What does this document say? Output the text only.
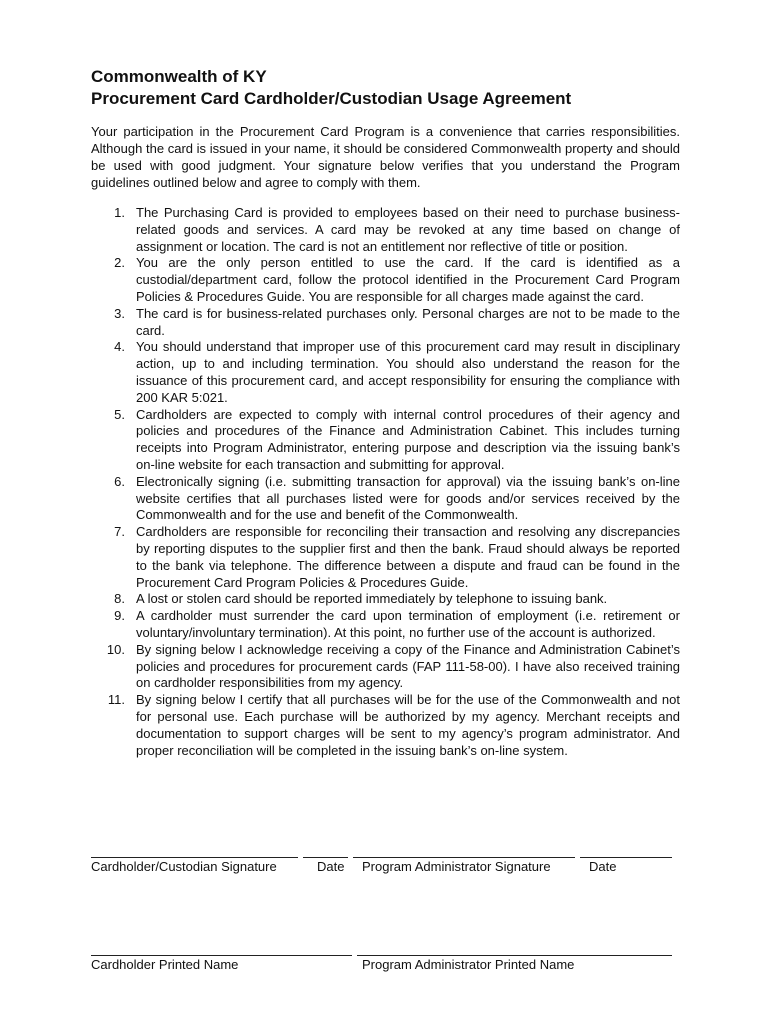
Commonwealth of KY

Procurement Card Cardholder/Custodian Usage Agreement

Your participation in the Procurement Card Program is a convenience that carries responsibilities. Although the card is issued in your name, it should be considered Commonwealth property and should be used with good judgment. Your signature below verifies that you understand the Program guidelines outlined below and agree to comply with them.

1. The Purchasing Card is provided to employees based on their need to purchase business-related goods and services. A card may be revoked at any time based on change of assignment or location. The card is not an entitlement nor reflective of title or position.
2. You are the only person entitled to use the card. If the card is identified as a custodial/department card, follow the protocol identified in the Procurement Card Program Policies & Procedures Guide. You are responsible for all charges made against the card.
3. The card is for business-related purchases only. Personal charges are not to be made to the card.
4. You should understand that improper use of this procurement card may result in disciplinary action, up to and including termination. You should also understand the reason for the issuance of this procurement card, and accept responsibility for ensuring the compliance with 200 KAR 5:021.
5. Cardholders are expected to comply with internal control procedures of their agency and policies and procedures of the Finance and Administration Cabinet. This includes turning receipts into Program Administrator, entering purpose and description via the issuing bank’s on-line website for each transaction and submitting for approval.
6. Electronically signing (i.e. submitting transaction for approval) via the issuing bank’s on-line website certifies that all purchases listed were for goods and/or services received by the Commonwealth and for the use and benefit of the Commonwealth.
7. Cardholders are responsible for reconciling their transaction and resolving any discrepancies by reporting disputes to the supplier first and then the bank. Fraud should always be reported to the bank via telephone. The difference between a dispute and fraud can be found in the Procurement Card Program Policies & Procedures Guide.
8. A lost or stolen card should be reported immediately by telephone to issuing bank.
9. A cardholder must surrender the card upon termination of employment (i.e. retirement or voluntary/involuntary termination). At this point, no further use of the account is authorized.
10. By signing below I acknowledge receiving a copy of the Finance and Administration Cabinet’s policies and procedures for procurement cards (FAP 111-58-00). I have also received training on cardholder responsibilities from my agency.
11. By signing below I certify that all purchases will be for the use of the Commonwealth and not for personal use. Each purchase will be authorized by my agency. Merchant receipts and documentation to support charges will be sent to my agency’s program administrator. And proper reconciliation will be completed in the issuing bank’s on-line system.
Cardholder/Custodian Signature	Date Program Administrator Signature	Date
Cardholder Printed Name	Program Administrator Printed Name
